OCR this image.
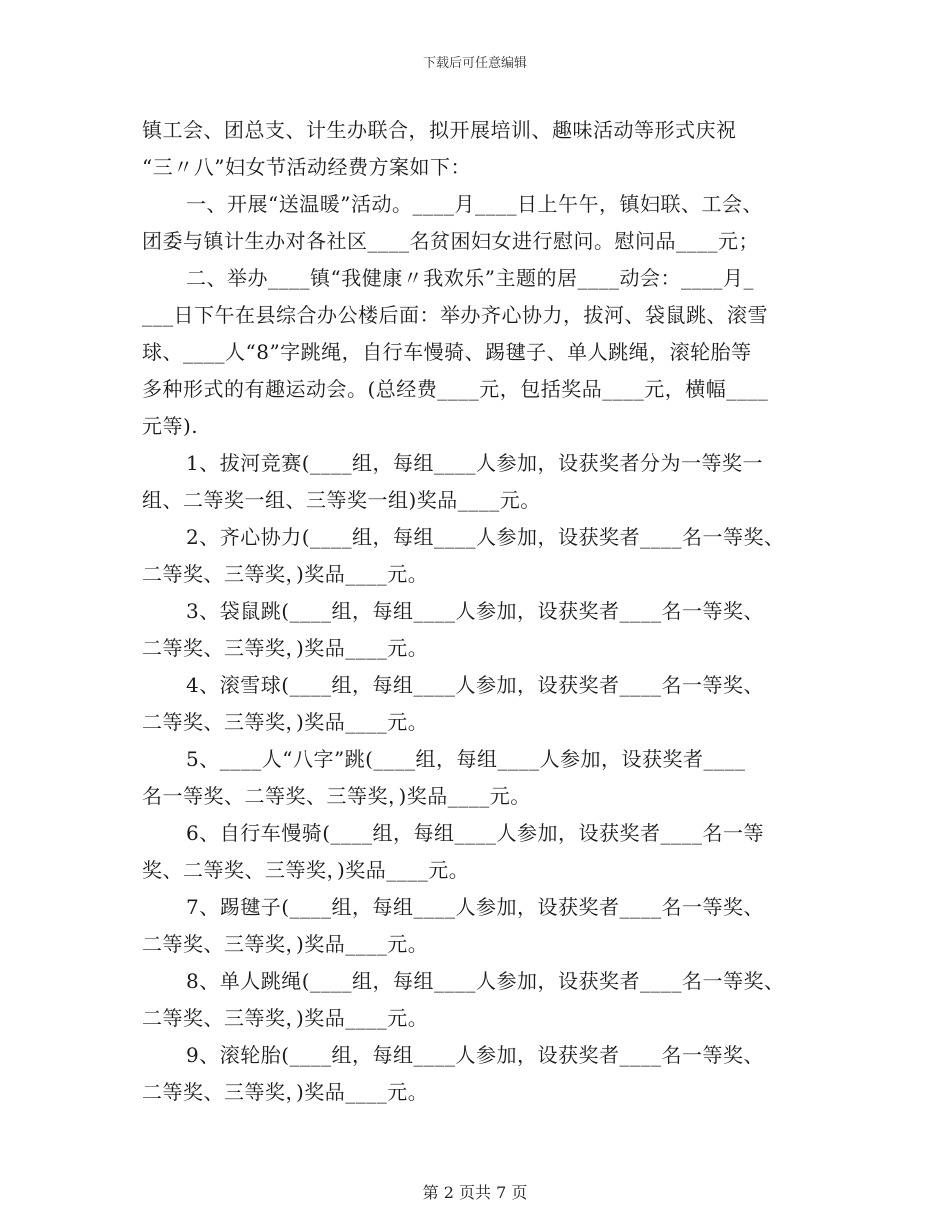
下载后可任意编辑

镇工会、团总支、计生办联合，拟开展培训、趣味活动等形式庆祝

“三〃八”妇女节活动经费方案如下：

一、开展“送温暖”活动。____月____日上午午，镇妇联、工会、

团委与镇计生办对各社区____名贫困妇女进行慰问。慰问品____元；

二、举办____镇“我健康〃我欢乐”主题的居____动会：____月_

___日下午在县综合办公楼后面：举办齐心协力，拔河、袋鼠跳、滚雪

球、____人“8”字跳绳，自行车慢骑、踢毽子、单人跳绳，滚轮胎等

多种形式的有趣运动会。(总经费____元，包括奖品____元，横幅____

元等).

1、拔河竞赛(____组，每组____人参加，设获奖者分为一等奖一

组、二等奖一组、三等奖一组)奖品____元。

2、齐心协力(____组，每组____人参加，设获奖者____名一等奖、

二等奖、三等奖，)奖品____元。

3、袋鼠跳(____组，每组____人参加，设获奖者____名一等奖、

二等奖、三等奖，)奖品____元。

4、滚雪球(____组，每组____人参加，设获奖者____名一等奖、

二等奖、三等奖，)奖品____元。

5、____人“八字”跳(____组，每组____人参加，设获奖者____

名一等奖、二等奖、三等奖，)奖品____元。

6、自行车慢骑(____组，每组____人参加，设获奖者____名一等

奖、二等奖、三等奖，)奖品____元。

7、踢毽子(____组，每组____人参加，设获奖者____名一等奖、

二等奖、三等奖，)奖品____元。

8、单人跳绳(____组，每组____人参加，设获奖者____名一等奖、

二等奖、三等奖，)奖品____元。

9、滚轮胎(____组，每组____人参加，设获奖者____名一等奖、

二等奖、三等奖，)奖品____元。

第 2 页共 7 页
